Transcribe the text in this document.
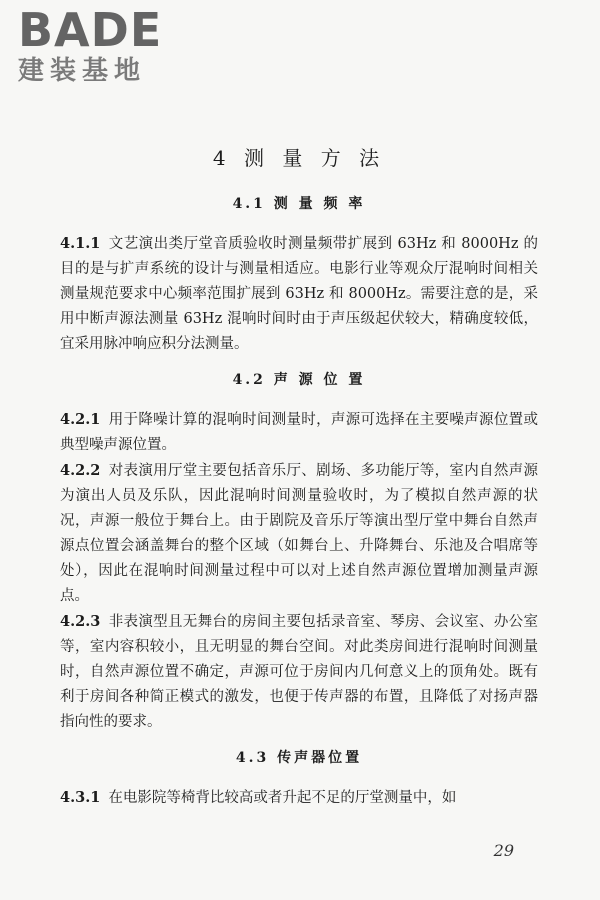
BADE
建装基地
4 测 量 方 法
4.1 测 量 频 率

4.1.1 文艺演出类厅堂音质验收时测量频带扩展到 63Hz 和 8000Hz 的目的是与扩声系统的设计与测量相适应。电影行业等观众厅混响时间相关测量规范要求中心频率范围扩展到 63Hz 和 8000Hz。需要注意的是，采用中断声源法测量 63Hz 混响时间时由于声压级起伏较大，精确度较低，宜采用脉冲响应积分法测量。

4.2 声 源 位 置

4.2.1 用于降噪计算的混响时间测量时，声源可选择在主要噪声源位置或典型噪声源位置。

4.2.2 对表演用厅堂主要包括音乐厅、剧场、多功能厅等，室内自然声源为演出人员及乐队，因此混响时间测量验收时，为了模拟自然声源的状况，声源一般位于舞台上。由于剧院及音乐厅等演出型厅堂中舞台自然声源点位置会涵盖舞台的整个区域（如舞台上、升降舞台、乐池及合唱席等处），因此在混响时间测量过程中可以对上述自然声源位置增加测量声源点。

4.2.3 非表演型且无舞台的房间主要包括录音室、琴房、会议室、办公室等，室内容积较小，且无明显的舞台空间。对此类房间进行混响时间测量时，自然声源位置不确定，声源可位于房间内几何意义上的顶角处。既有利于房间各种简正模式的激发，也便于传声器的布置，且降低了对扬声器指向性的要求。

4.3 传声器位置

4.3.1 在电影院等椅背比较高或者升起不足的厅堂测量中，如

29
